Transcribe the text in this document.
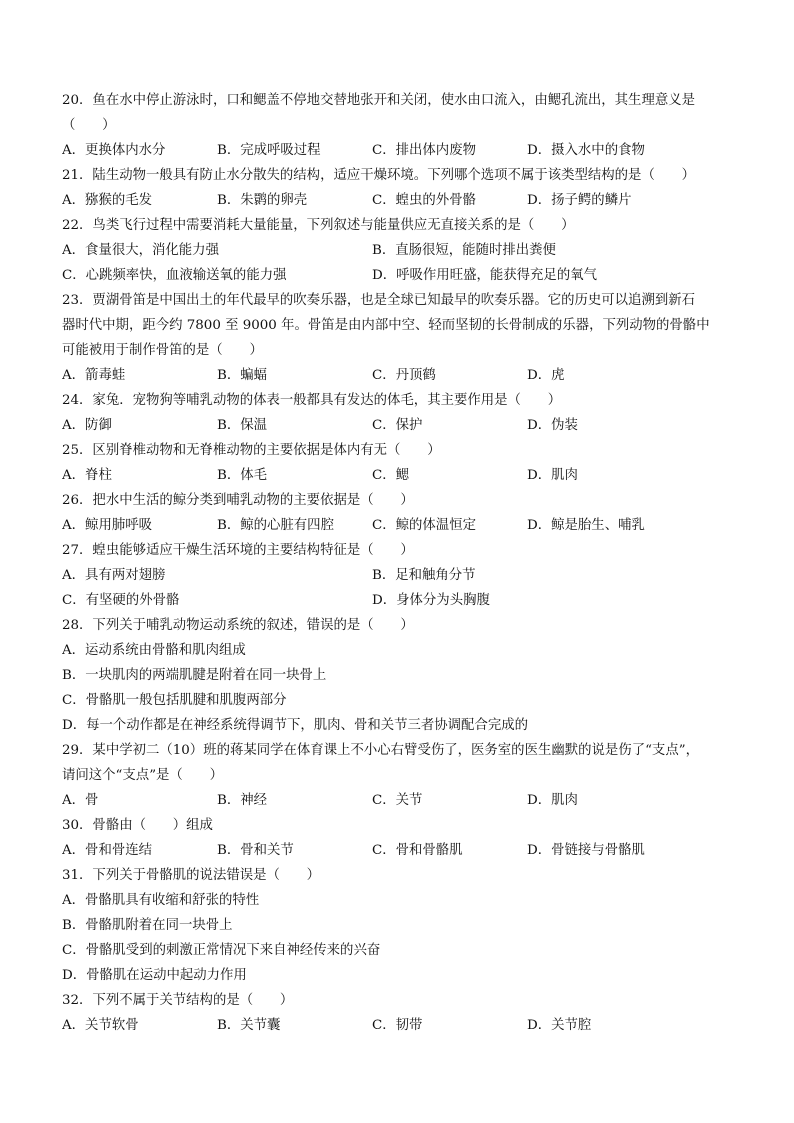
20．鱼在水中停止游泳时，口和鳃盖不停地交替地张开和关闭，使水由口流入，由鳃孔流出，其生理意义是
（　　）
A．更换体内水分	B．完成呼吸过程	C．排出体内废物	D．摄入水中的食物
21．陆生动物一般具有防止水分散失的结构，适应干燥环境。下列哪个选项不属于该类型结构的是（　　）
A．猕猴的毛发	B．朱鹮的卵壳	C．蝗虫的外骨骼	D．扬子鳄的鳞片
22．鸟类飞行过程中需要消耗大量能量，下列叙述与能量供应无直接关系的是（　　）
A．食量很大，消化能力强	B．直肠很短，能随时排出粪便
C．心跳频率快，血液输送氧的能力强	D．呼吸作用旺盛，能获得充足的氧气
23．贾湖骨笛是中国出土的年代最早的吹奏乐器，也是全球已知最早的吹奏乐器。它的历史可以追溯到新石
器时代中期，距今约 7800 至 9000 年。骨笛是由内部中空、轻而坚韧的长骨制成的乐器，下列动物的骨骼中
可能被用于制作骨笛的是（　　）
A．箭毒蛙	B．蝙蝠	C．丹顶鹤	D．虎
24．家兔．宠物狗等哺乳动物的体表一般都具有发达的体毛，其主要作用是（　　）
A．防御	B．保温	C．保护	D．伪装
25．区别脊椎动物和无脊椎动物的主要依据是体内有无（　　）
A．脊柱	B．体毛	C．鳃	D．肌肉
26．把水中生活的鲸分类到哺乳动物的主要依据是（　　）
A．鲸用肺呼吸	B．鲸的心脏有四腔	C．鲸的体温恒定	D．鲸是胎生、哺乳
27．蝗虫能够适应干燥生活环境的主要结构特征是（　　）
A．具有两对翅膀	B．足和触角分节
C．有坚硬的外骨骼	D．身体分为头胸腹
28．下列关于哺乳动物运动系统的叙述，错误的是（　　）
A．运动系统由骨骼和肌肉组成
B．一块肌肉的两端肌腱是附着在同一块骨上
C．骨骼肌一般包括肌腱和肌腹两部分
D．每一个动作都是在神经系统得调节下，肌肉、骨和关节三者协调配合完成的
29．某中学初二（10）班的蒋某同学在体育课上不小心右臂受伤了，医务室的医生幽默的说是伤了“支点”，
请问这个“支点”是（　　）
A．骨	B．神经	C．关节	D．肌肉
30．骨骼由（　　）组成
A．骨和骨连结	B．骨和关节	C．骨和骨骼肌	D．骨链接与骨骼肌
31．下列关于骨骼肌的说法错误是（　　）
A．骨骼肌具有收缩和舒张的特性
B．骨骼肌附着在同一块骨上
C．骨骼肌受到的刺激正常情况下来自神经传来的兴奋
D．骨骼肌在运动中起动力作用
32．下列不属于关节结构的是（　　）
A．关节软骨	B．关节囊	C．韧带	D．关节腔
